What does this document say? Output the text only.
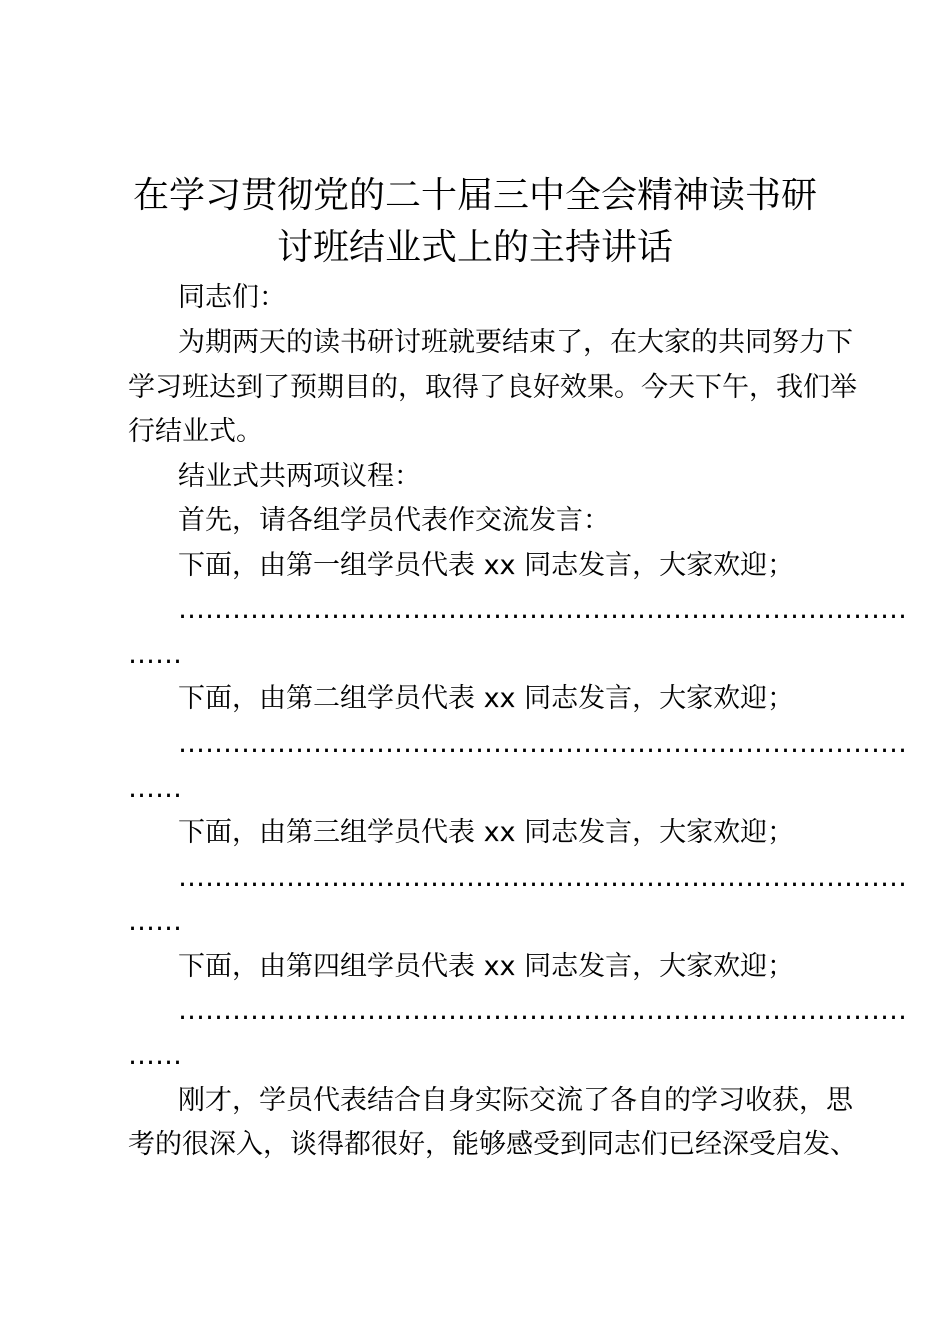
在学习贯彻党的二十届三中全会精神读书研
讨班结业式上的主持讲话
同志们：
为期两天的读书研讨班就要结束了，在大家的共同努力下
学习班达到了预期目的，取得了良好效果。今天下午，我们举
行结业式。
结业式共两项议程：
首先，请各组学员代表作交流发言：
下面，由第一组学员代表 xx 同志发言，大家欢迎；
………………………………………………………………………
……
下面，由第二组学员代表 xx 同志发言，大家欢迎；
………………………………………………………………………
……
下面，由第三组学员代表 xx 同志发言，大家欢迎；
………………………………………………………………………
……
下面，由第四组学员代表 xx 同志发言，大家欢迎；
………………………………………………………………………
……
刚才，学员代表结合自身实际交流了各自的学习收获，思
考的很深入，谈得都很好，能够感受到同志们已经深受启发、
